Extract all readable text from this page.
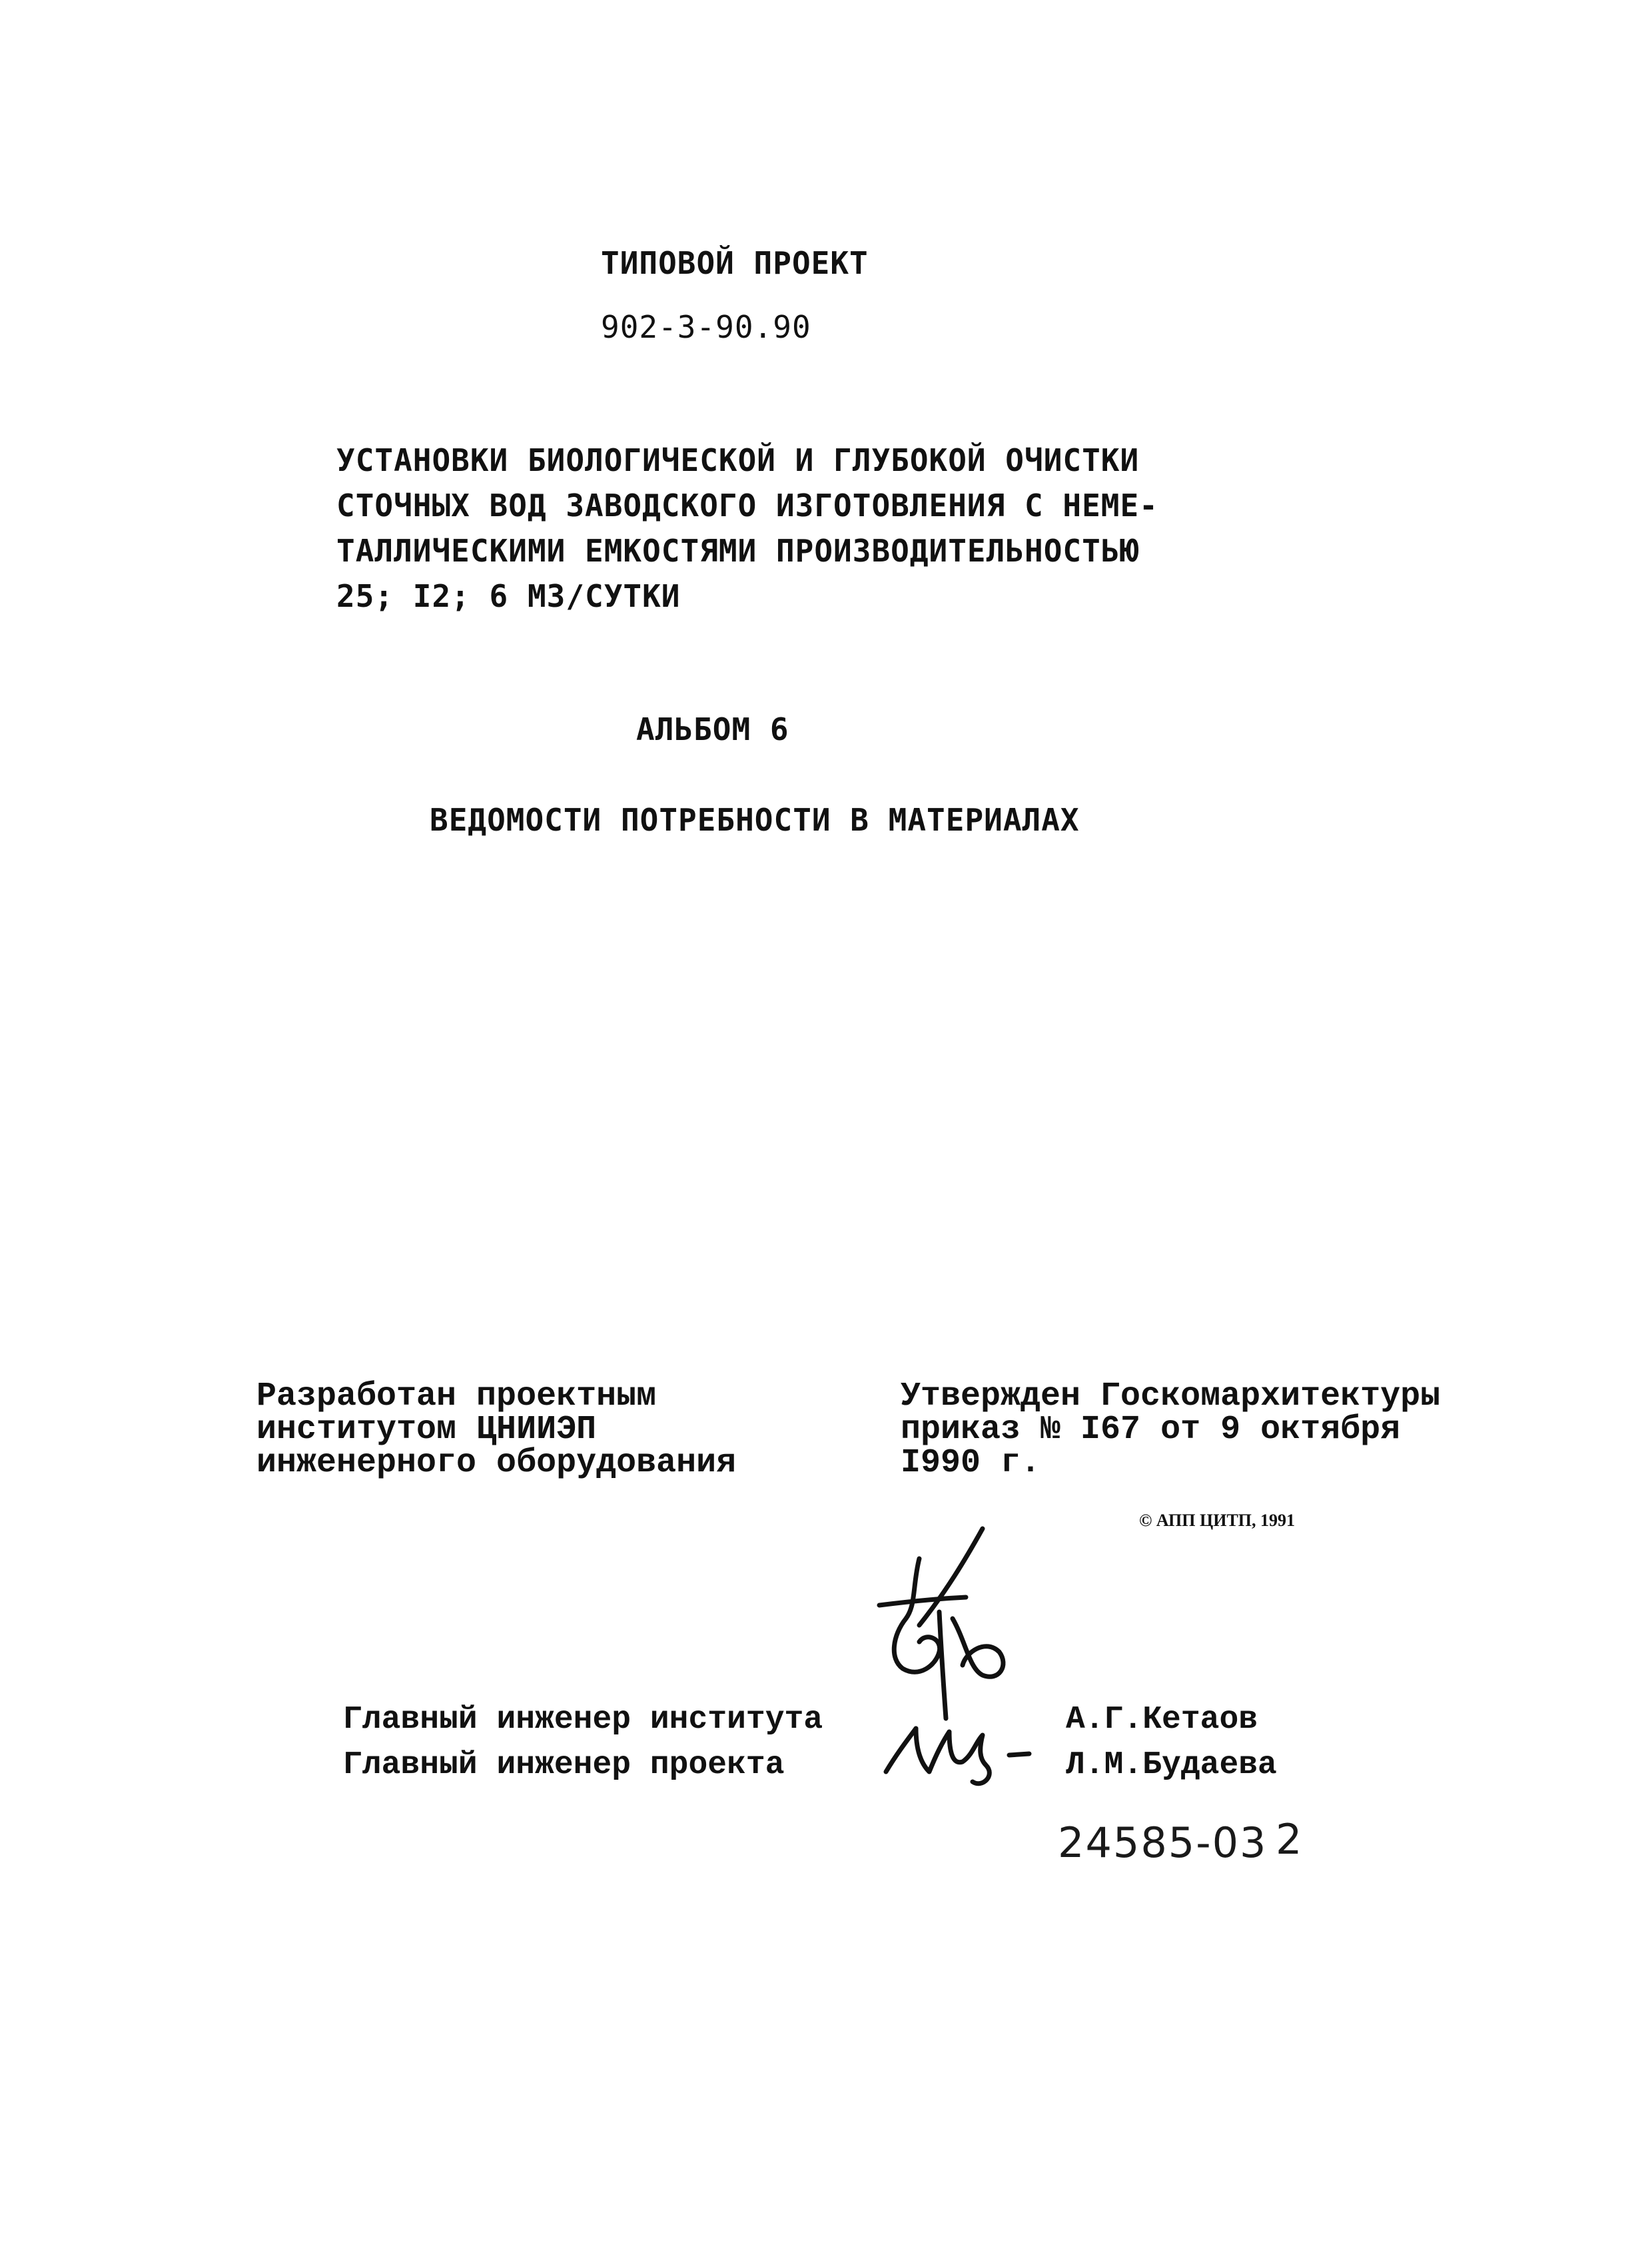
ТИПОВОЙ ПРОЕКТ
902-3-90.90
УСТАНОВКИ БИОЛОГИЧЕСКОЙ И ГЛУБОКОЙ ОЧИСТКИ
СТОЧНЫХ ВОД ЗАВОДСКОГО ИЗГОТОВЛЕНИЯ С НЕМЕ-
ТАЛЛИЧЕСКИМИ ЕМКОСТЯМИ ПРОИЗВОДИТЕЛЬНОСТЬЮ
25; I2; 6 М3/СУТКИ
АЛЬБОМ 6
ВЕДОМОСТИ ПОТРЕБНОСТИ В МАТЕРИАЛАХ
Разработан проектным
институтом ЦНИИЭП
инженерного оборудования
Утвержден Госкомархитектуры
приказ № I67 от 9 октября
I990 г.
© АПП ЦИТП, 1991
Главный инженер института	А.Г.Кетаов
Главный инженер проекта	Л.М.Будаева
24585-03 2
